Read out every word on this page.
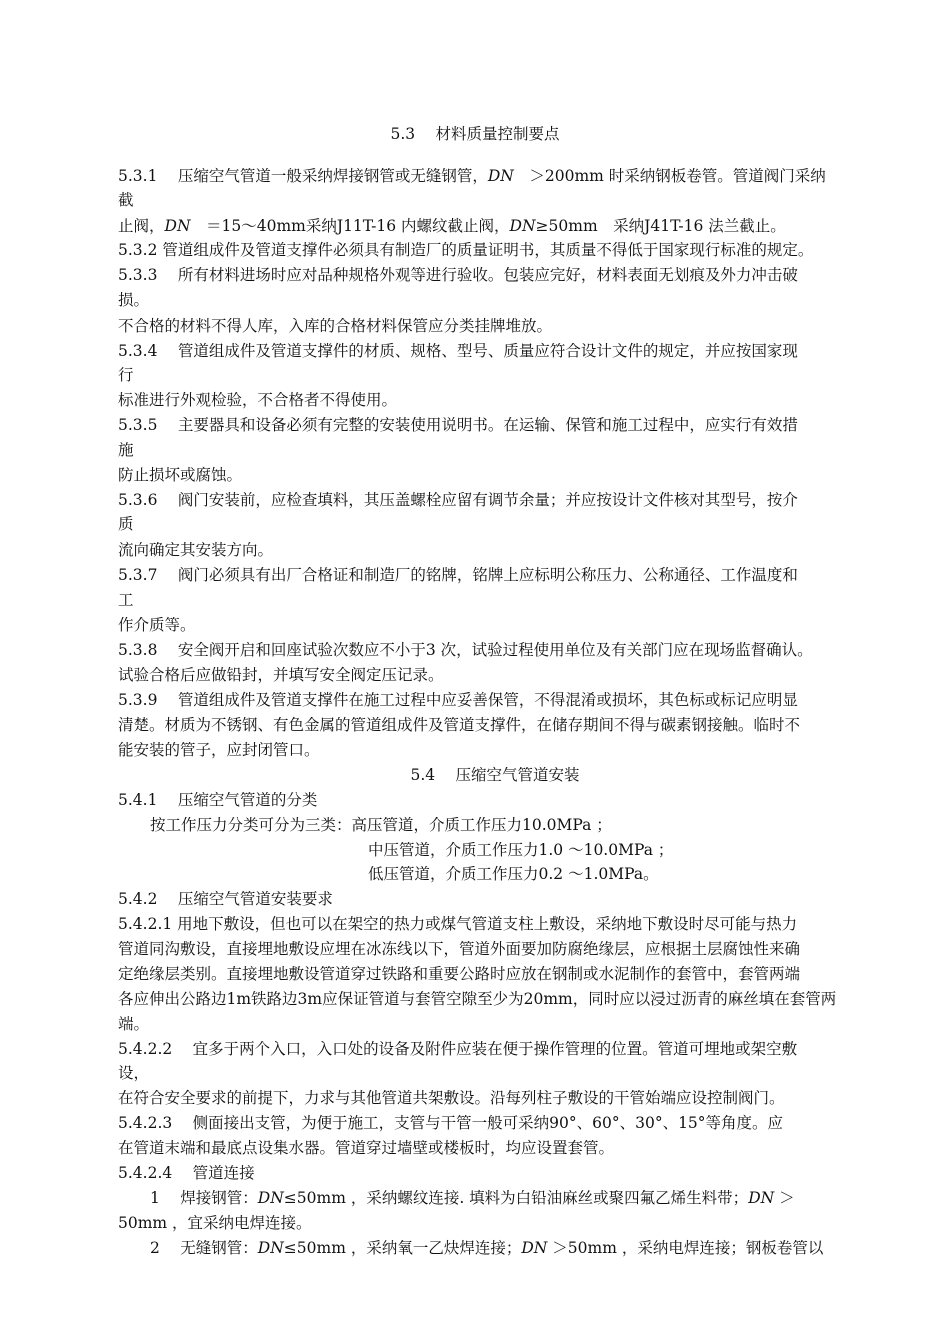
5.3　 材料质量控制要点
5.3.1　 压缩空气管道一般采纳焊接钢管或无缝钢管，DN　＞200mm 时采纳钢板卷管。管道阀门采纳
截
止阀，DN　＝15～40mm采纳J11T-16 内螺纹截止阀，DN≥50mm　采纳J41T-16 法兰截止。
5.3.2 管道组成件及管道支撑件必须具有制造厂的质量证明书，其质量不得低于国家现行标准的规定。
5.3.3　 所有材料进场时应对品种规格外观等进行验收。包装应完好，材料表面无划痕及外力冲击破
损。
不合格的材料不得人库，入库的合格材料保管应分类挂牌堆放。
5.3.4　 管道组成件及管道支撑件的材质、规格、型号、质量应符合设计文件的规定，并应按国家现
行
标准进行外观检验，不合格者不得使用。
5.3.5　 主要器具和设备必须有完整的安装使用说明书。在运输、保管和施工过程中，应实行有效措
施
防止损坏或腐蚀。
5.3.6　 阀门安装前，应检查填料，其压盖螺栓应留有调节余量；并应按设计文件核对其型号，按介
质
流向确定其安装方向。
5.3.7　 阀门必须具有出厂合格证和制造厂的铭牌，铭牌上应标明公称压力、公称通径、工作温度和
工
作介质等。
5.3.8　 安全阀开启和回座试验次数应不小于3 次，试验过程使用单位及有关部门应在现场监督确认。
试验合格后应做铅封，并填写安全阀定压记录。
5.3.9　 管道组成件及管道支撑件在施工过程中应妥善保管，不得混淆或损坏，其色标或标记应明显
清楚。材质为不锈钢、有色金属的管道组成件及管道支撑件，在储存期间不得与碳素钢接触。临时不
能安装的管子，应封闭管口。
5.4　 压缩空气管道安装
5.4.1　 压缩空气管道的分类
按工作压力分类可分为三类：高压管道，介质工作压力10.0MPa ；
中压管道，介质工作压力1.0 ～10.0MPa ；
低压管道，介质工作压力0.2 ～1.0MPa。
5.4.2　 压缩空气管道安装要求
5.4.2.1 用地下敷设，但也可以在架空的热力或煤气管道支柱上敷设，采纳地下敷设时尽可能与热力
管道同沟敷设，直接埋地敷设应埋在冰冻线以下，管道外面要加防腐绝缘层，应根据土层腐蚀性来确
定绝缘层类别。直接埋地敷设管道穿过铁路和重要公路时应放在钢制或水泥制作的套管中，套管两端
各应伸出公路边1m铁路边3m应保证管道与套管空隙至少为20mm，同时应以浸过沥青的麻丝填在套管两
端。
5.4.2.2　 宜多于两个入口，入口处的设备及附件应装在便于操作管理的位置。管道可埋地或架空敷
设，
在符合安全要求的前提下，力求与其他管道共架敷设。沿每列柱子敷设的干管始端应设控制阀门。
5.4.2.3　 侧面接出支管，为便于施工，支管与干管一般可采纳90°、60°、30°、15°等角度。应
在管道末端和最底点设集水器。管道穿过墙壁或楼板时，均应设置套管。
5.4.2.4　 管道连接
1　 焊接钢管：DN≤50mm ，采纳螺纹连接. 填料为白铅油麻丝或聚四氟乙烯生料带；DN ＞
50mm ，宜采纳电焊连接。
2　 无缝钢管：DN≤50mm ，采纳氧一乙炔焊连接；DN ＞50mm ，采纳电焊连接；钢板卷管以
